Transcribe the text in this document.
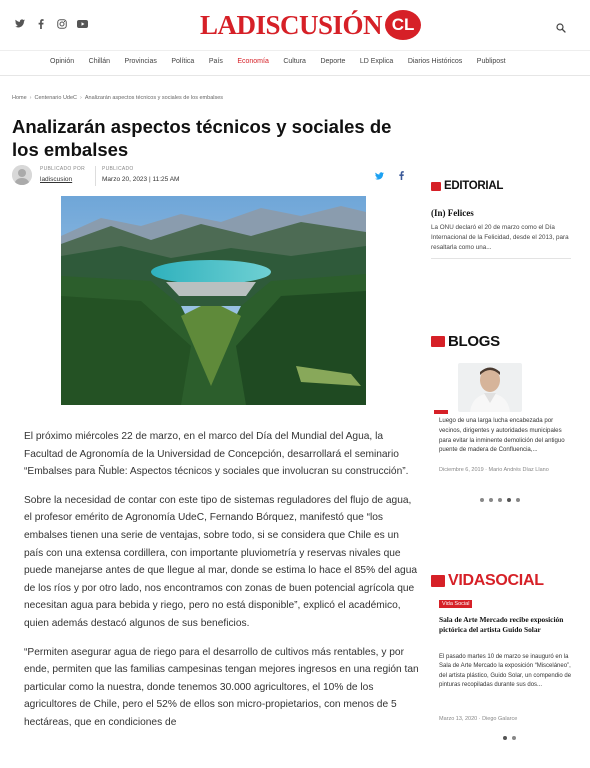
LADISCUSIÓN CL
Opinión Chillán Provincias Política País Economía Cultura Deporte LD Explica Diarios Históricos Publipost
Home › Centenario UdeC › Analizarán aspectos técnicos y sociales de los embalses
Analizarán aspectos técnicos y sociales de los embalses
PUBLICADO POR
ladiscusion
PUBLICADO
Marzo 20, 2023 | 11:25 AM

El próximo miércoles 22 de marzo, en el marco del Día del Mundial del Agua, la Facultad de Agronomía de la Universidad de Concepción, desarrollará el seminario “Embalses para Ñuble: Aspectos técnicos y sociales que involucran su construcción”.

Sobre la necesidad de contar con este tipo de sistemas reguladores del flujo de agua, el profesor emérito de Agronomía UdeC, Fernando Bórquez, manifestó que “los embalses tienen una serie de ventajas, sobre todo, si se considera que Chile es un país con una extensa cordillera, con importante pluviometría y reservas nivales que puede manejarse antes de que llegue al mar, donde se estima lo hace el 85% del agua de los ríos y por otro lado, nos encontramos con zonas de buen potencial agrícola que necesitan agua para bebida y riego, pero no está disponible”, explicó el académico, quien además destacó algunos de sus beneficios.

“Permiten asegurar agua de riego para el desarrollo de cultivos más rentables, y por ende, permiten que las familias campesinas tengan mejores ingresos en una región tan particular como la nuestra, donde tenemos 30.000 agricultores, el 10% de los agricultores de Chile, pero el 52% de ellos son micro-propietarios, con menos de 5 hectáreas, que en condiciones de

EDITORIAL
(In) Felices

La ONU declaró el 20 de marzo como el Día Internacional de la Felicidad, desde el 2013, para resaltarla como una...

BLOGS
Luego de una larga lucha encabezada por vecinos, dirigentes y autoridades municipales para evitar la inminente demolición del antiguo puente de madera de Confluencia,...
Diciembre 6, 2019 · Mario Andrés Díaz Llano
VIDASOCIAL
Vida Social
Sala de Arte Mercado recibe exposición pictórica del artista Guido Solar
El pasado martes 10 de marzo se inauguró en la Sala de Arte Mercado la exposición “Misceláneo”, del artista plástico, Guido Solar, un compendio de pinturas recopiladas durante sus dos...
Marzo 13, 2020 · Diego Galarce
